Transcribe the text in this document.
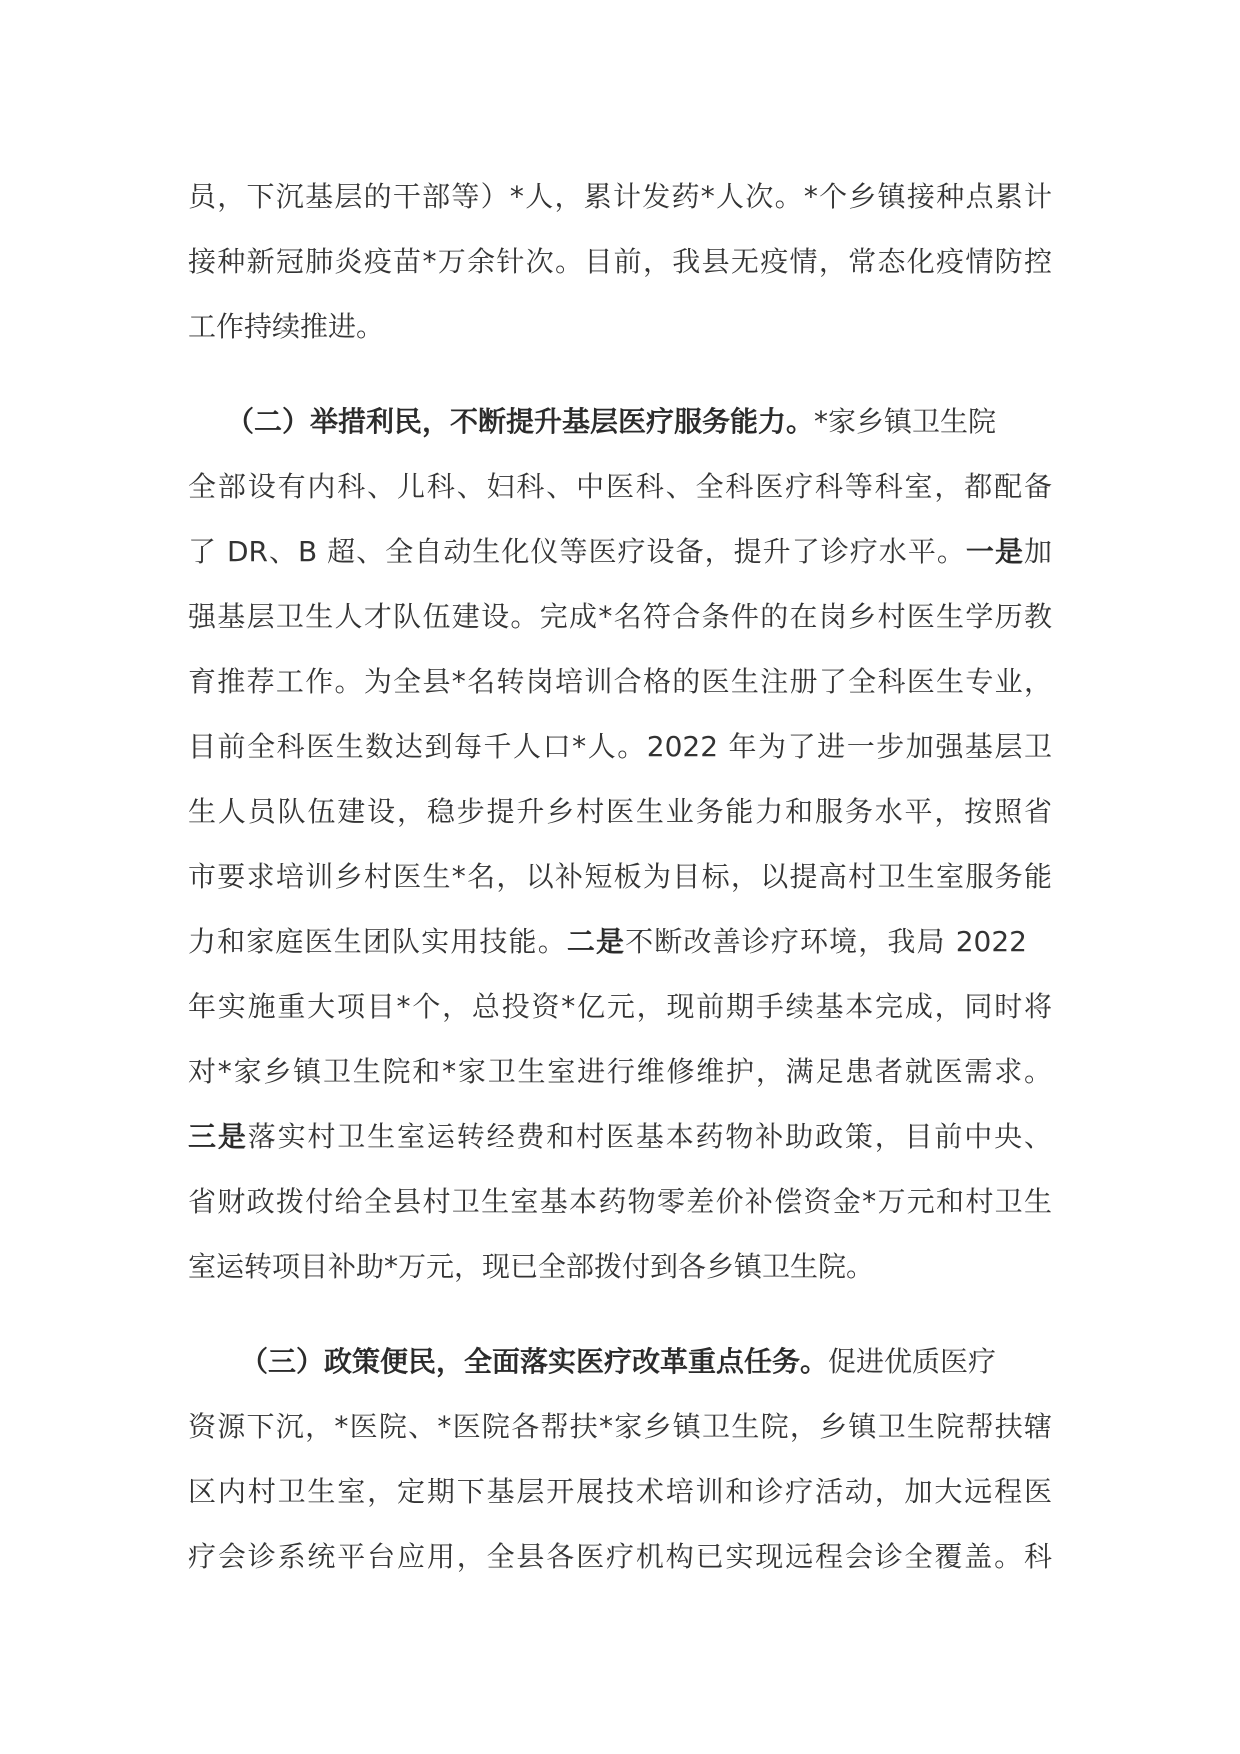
员，下沉基层的干部等）*人，累计发药*人次。*个乡镇接种点累计
接种新冠肺炎疫苗*万余针次。目前，我县无疫情，常态化疫情防控
工作持续推进。
（二）举措利民，不断提升基层医疗服务能力。*家乡镇卫生院
全部设有内科、儿科、妇科、中医科、全科医疗科等科室，都配备
了 DR、B 超、全自动生化仪等医疗设备，提升了诊疗水平。一是加
强基层卫生人才队伍建设。完成*名符合条件的在岗乡村医生学历教
育推荐工作。为全县*名转岗培训合格的医生注册了全科医生专业，
目前全科医生数达到每千人口*人。2022 年为了进一步加强基层卫
生人员队伍建设，稳步提升乡村医生业务能力和服务水平，按照省
市要求培训乡村医生*名，以补短板为目标，以提高村卫生室服务能
力和家庭医生团队实用技能。二是不断改善诊疗环境，我局 2022
年实施重大项目*个，总投资*亿元，现前期手续基本完成，同时将
对*家乡镇卫生院和*家卫生室进行维修维护，满足患者就医需求。
三是落实村卫生室运转经费和村医基本药物补助政策，目前中央、
省财政拨付给全县村卫生室基本药物零差价补偿资金*万元和村卫生
室运转项目补助*万元，现已全部拨付到各乡镇卫生院。
（三）政策便民，全面落实医疗改革重点任务。促进优质医疗
资源下沉，*医院、*医院各帮扶*家乡镇卫生院，乡镇卫生院帮扶辖
区内村卫生室，定期下基层开展技术培训和诊疗活动，加大远程医
疗会诊系统平台应用，全县各医疗机构已实现远程会诊全覆盖。科
